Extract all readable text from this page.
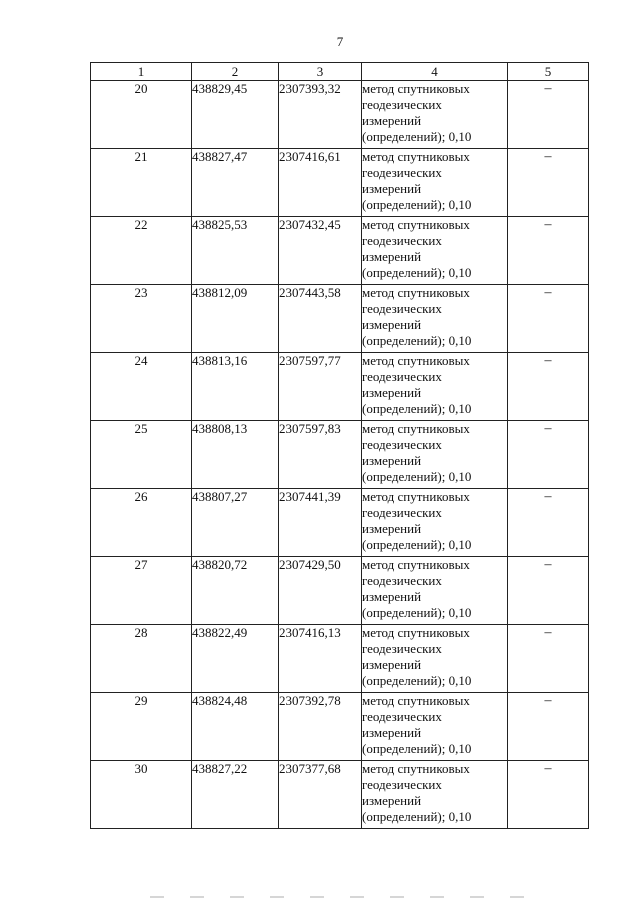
7
1	2	3	4	5
20	438829,45	2307393,32	метод спутниковых
геодезических
измерений
(определений); 0,10	–
21	438827,47	2307416,61	метод спутниковых
геодезических
измерений
(определений); 0,10	–
22	438825,53	2307432,45	метод спутниковых
геодезических
измерений
(определений); 0,10	–
23	438812,09	2307443,58	метод спутниковых
геодезических
измерений
(определений); 0,10	–
24	438813,16	2307597,77	метод спутниковых
геодезических
измерений
(определений); 0,10	–
25	438808,13	2307597,83	метод спутниковых
геодезических
измерений
(определений); 0,10	–
26	438807,27	2307441,39	метод спутниковых
геодезических
измерений
(определений); 0,10	–
27	438820,72	2307429,50	метод спутниковых
геодезических
измерений
(определений); 0,10	–
28	438822,49	2307416,13	метод спутниковых
геодезических
измерений
(определений); 0,10	–
29	438824,48	2307392,78	метод спутниковых
геодезических
измерений
(определений); 0,10	–
30	438827,22	2307377,68	метод спутниковых
геодезических
измерений
(определений); 0,10	–
